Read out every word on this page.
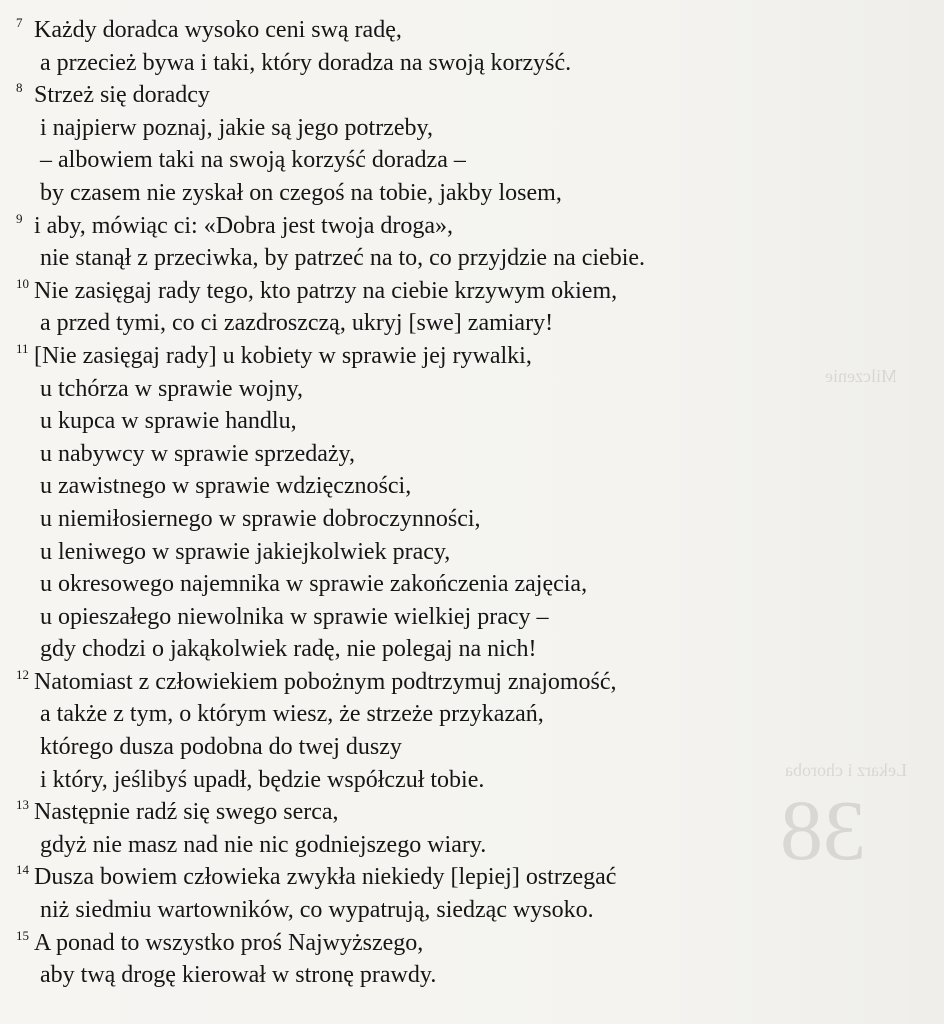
Milczenie
Lekarz i choroba
38
7 Każdy doradca wysoko ceni swą radę,
a przecież bywa i taki, który doradza na swoją korzyść.
8 Strzeż się doradcy
i najpierw poznaj, jakie są jego potrzeby,
– albowiem taki na swoją korzyść doradza –
by czasem nie zyskał on czegoś na tobie, jakby losem,
9 i aby, mówiąc ci: «Dobra jest twoja droga»,
nie stanął z przeciwka, by patrzeć na to, co przyjdzie na ciebie.
10 Nie zasięgaj rady tego, kto patrzy na ciebie krzywym okiem,
a przed tymi, co ci zazdroszczą, ukryj [swe] zamiary!
11 [Nie zasięgaj rady] u kobiety w sprawie jej rywalki,
u tchórza w sprawie wojny,
u kupca w sprawie handlu,
u nabywcy w sprawie sprzedaży,
u zawistnego w sprawie wdzięczności,
u niemiłosiernego w sprawie dobroczynności,
u leniwego w sprawie jakiejkolwiek pracy,
u okresowego najemnika w sprawie zakończenia zajęcia,
u opieszałego niewolnika w sprawie wielkiej pracy –
gdy chodzi o jakąkolwiek radę, nie polegaj na nich!
12 Natomiast z człowiekiem pobożnym podtrzymuj znajomość,
a także z tym, o którym wiesz, że strzeże przykazań,
którego dusza podobna do twej duszy
i który, jeślibyś upadł, będzie współczuł tobie.
13 Następnie radź się swego serca,
gdyż nie masz nad nie nic godniejszego wiary.
14 Dusza bowiem człowieka zwykła niekiedy [lepiej] ostrzegać
niż siedmiu wartowników, co wypatrują, siedząc wysoko.
15 A ponad to wszystko proś Najwyższego,
aby twą drogę kierował w stronę prawdy.
